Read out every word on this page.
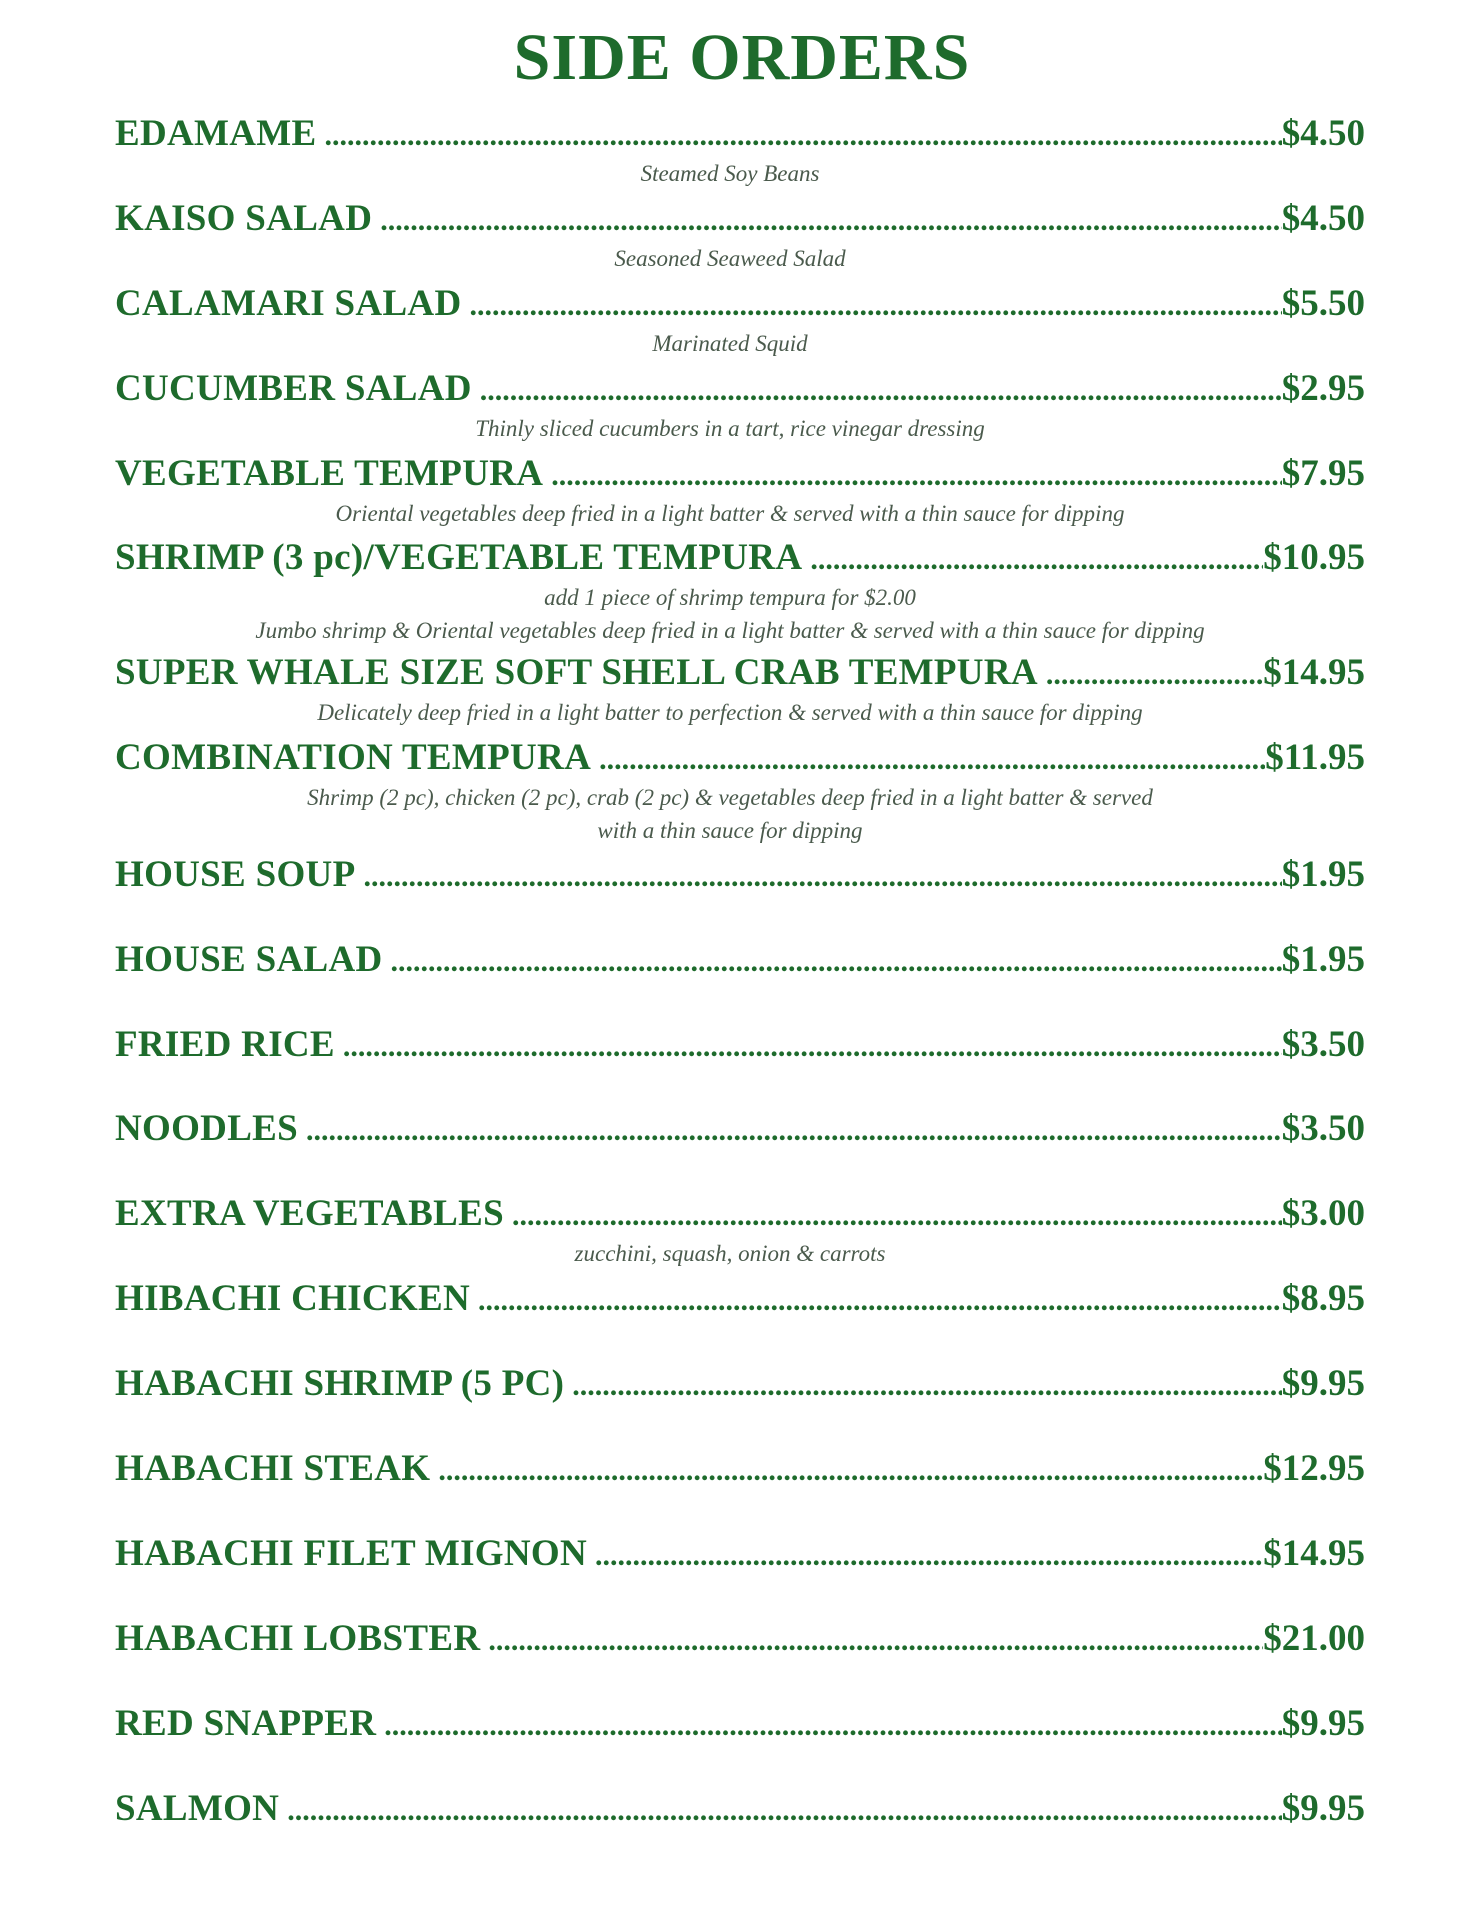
SIDE ORDERS
EDAMAME .....	$ 4.50
Steamed Soy Beans
KAISO SALAD .....	$ 4.50
Seasoned Seaweed Salad
CALAMARI SALAD .....	$ 5.50
Marinated Squid
CUCUMBER SALAD .....	$ 2.95
Thinly sliced cucumbers in a tart, rice vinegar dressing
VEGETABLE TEMPURA .....	$ 7.95
Oriental vegetables deep fried in a light batter & served with a thin sauce for dipping
SHRIMP (3 pc)/VEGETABLE TEMPURA .....	$ 10.95
add 1 piece of shrimp tempura for $2.00
Jumbo shrimp & Oriental vegetables deep fried in a light batter & served with a thin sauce for dipping
SUPER WHALE SIZE SOFT SHELL CRAB TEMPURA .....	$ 14.95
Delicately deep fried in a light batter to perfection & served with a thin sauce for dipping
COMBINATION TEMPURA .....	$ 11.95
Shrimp (2 pc), chicken (2 pc), crab (2 pc) & vegetables deep fried in a light batter & served
with a thin sauce for dipping
HOUSE SOUP .....	$ 1.95
HOUSE SALAD .....	$ 1.95
FRIED RICE .....	$ 3.50
NOODLES .....	$ 3.50
EXTRA VEGETABLES .....	$ 3.00
zucchini, squash, onion & carrots
HIBACHI CHICKEN .....	$ 8.95
HABACHI SHRIMP (5 PC) .....	$ 9.95
HABACHI STEAK .....	$ 12.95
HABACHI FILET MIGNON .....	$ 14.95
HABACHI LOBSTER .....	$ 21.00
RED SNAPPER .....	$ 9.95
SALMON .....	$ 9.95
